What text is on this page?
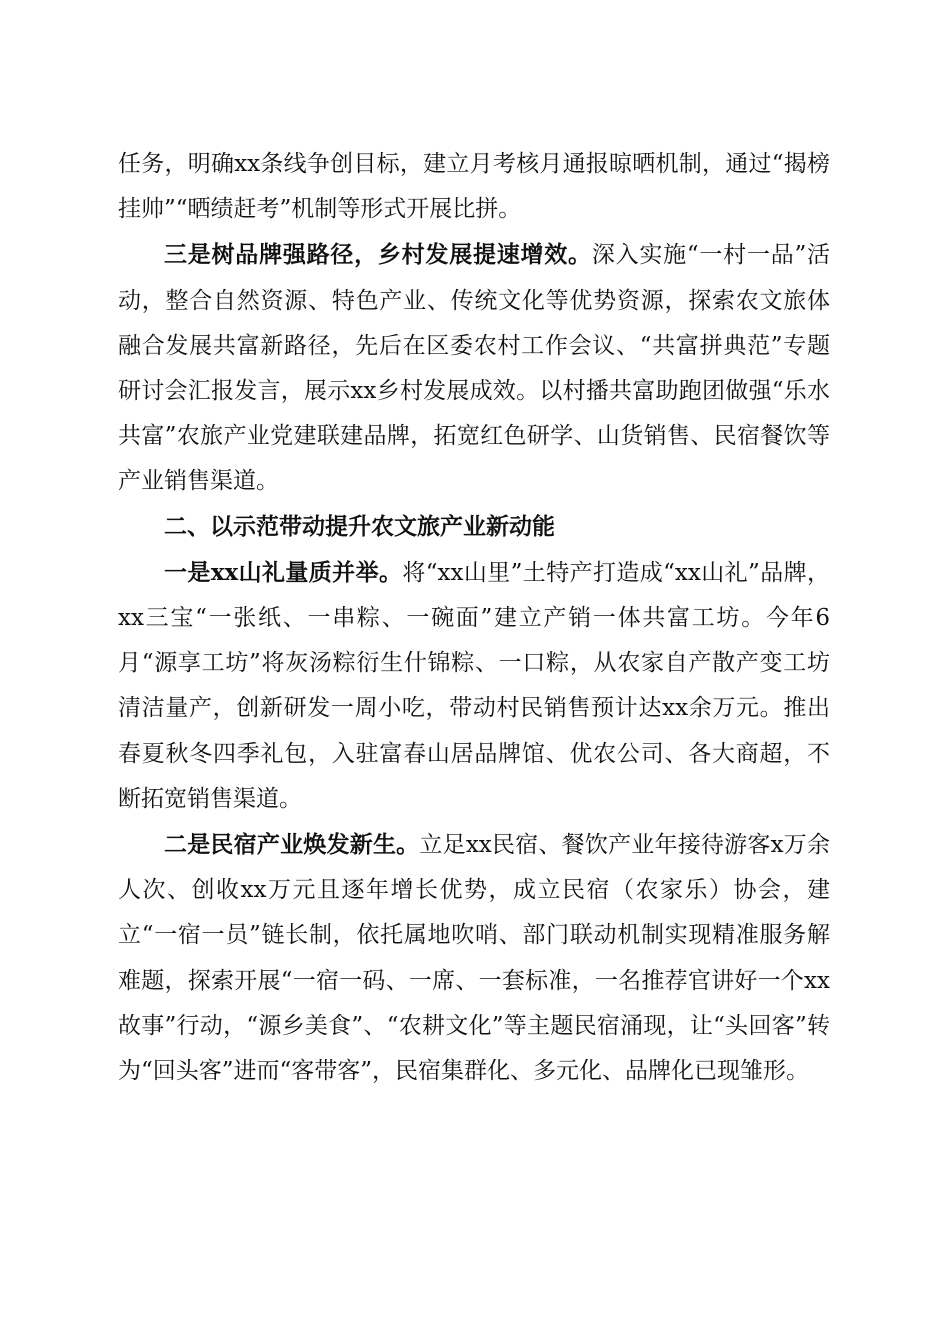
任务，明确xx条线争创目标，建立月考核月通报晾晒机制，通过“揭榜挂帅”“晒绩赶考”机制等形式开展比拼。

三是树品牌强路径，乡村发展提速增效。深入实施“一村一品”活动，整合自然资源、特色产业、传统文化等优势资源，探索农文旅体融合发展共富新路径，先后在区委农村工作会议、“共富拼典范”专题研讨会汇报发言，展示xx乡村发展成效。以村播共富助跑团做强“乐水共富”农旅产业党建联建品牌，拓宽红色研学、山货销售、民宿餐饮等产业销售渠道。

二、以示范带动提升农文旅产业新动能

一是xx山礼量质并举。将“xx山里”土特产打造成“xx山礼”品牌，xx三宝“一张纸、一串粽、一碗面”建立产销一体共富工坊。今年6月“源享工坊”将灰汤粽衍生什锦粽、一口粽，从农家自产散产变工坊清洁量产，创新研发一周小吃，带动村民销售预计达xx余万元。推出春夏秋冬四季礼包，入驻富春山居品牌馆、优农公司、各大商超，不断拓宽销售渠道。

二是民宿产业焕发新生。立足xx民宿、餐饮产业年接待游客x万余人次、创收xx万元且逐年增长优势，成立民宿（农家乐）协会，建立“一宿一员”链长制，依托属地吹哨、部门联动机制实现精准服务解难题，探索开展“一宿一码、一席、一套标准，一名推荐官讲好一个xx故事”行动，“源乡美食”、“农耕文化”等主题民宿涌现，让“头回客”转为“回头客”进而“客带客”，民宿集群化、多元化、品牌化已现雏形。
